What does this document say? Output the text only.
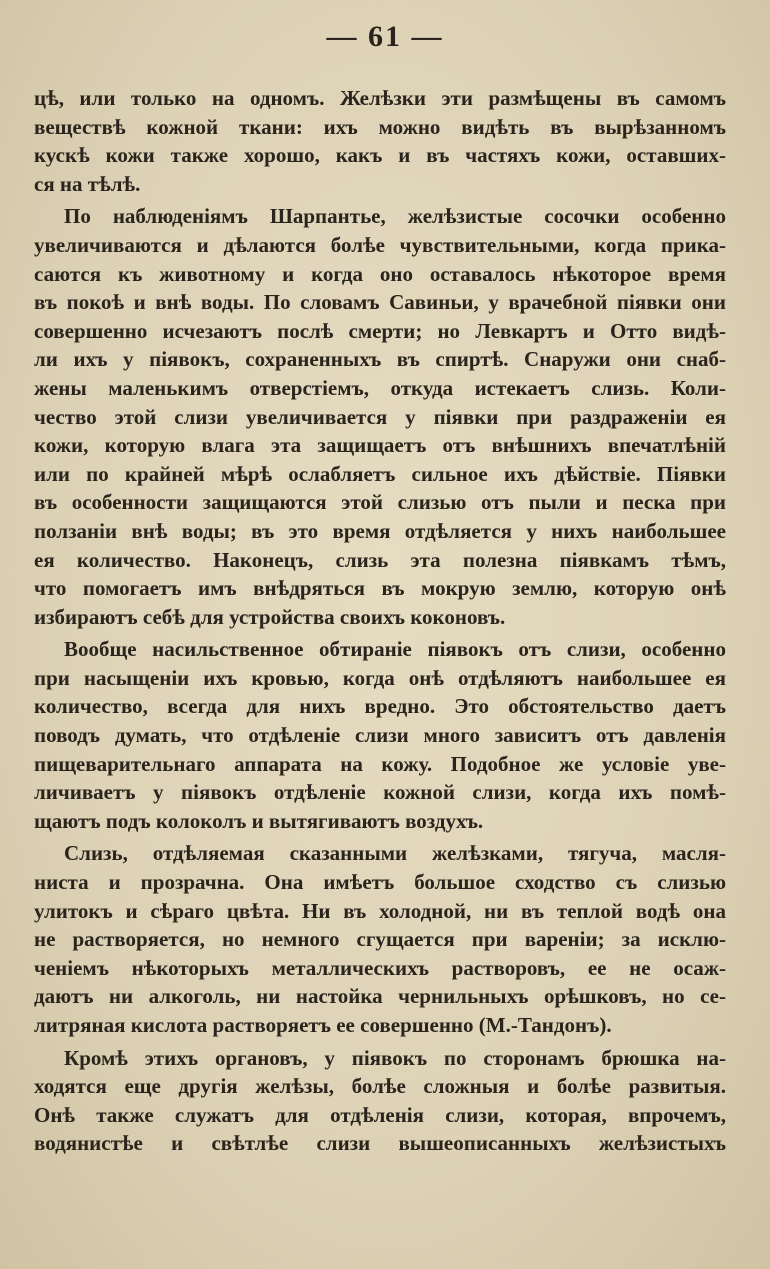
— 61 —
цѣ, или только на одномъ. Желѣзки эти размѣщены въ самомъ
веществѣ кожной ткани: ихъ можно видѣть въ вырѣзанномъ
кускѣ кожи также хорошо, какъ и въ частяхъ кожи, оставших-
ся на тѣлѣ.
По наблюденіямъ Шарпантье, желѣзистые сосочки особенно
увеличиваются и дѣлаются болѣе чувствительными, когда прика-
саются къ животному и когда оно оставалось нѣкоторое время
въ покоѣ и внѣ воды. По словамъ Савиньи, у врачебной піявки они
совершенно исчезаютъ послѣ смерти; но Левкартъ и Отто видѣ-
ли ихъ у піявокъ, сохраненныхъ въ спиртѣ. Снаружи они снаб-
жены маленькимъ отверстіемъ, откуда истекаетъ слизь. Коли-
чество этой слизи увеличивается у піявки при раздраженіи ея
кожи, которую влага эта защищаетъ отъ внѣшнихъ впечатлѣній
или по крайней мѣрѣ ослабляетъ сильное ихъ дѣйствіе. Піявки
въ особенности защищаются этой слизью отъ пыли и песка при
ползаніи внѣ воды; въ это время отдѣляется у нихъ наибольшее
ея количество. Наконецъ, слизь эта полезна піявкамъ тѣмъ,
что помогаетъ имъ внѣдряться въ мокрую землю, которую онѣ
избираютъ себѣ для устройства своихъ коконовъ.
Вообще насильственное обтираніе піявокъ отъ слизи, особенно
при насыщеніи ихъ кровью, когда онѣ отдѣляютъ наибольшее ея
количество, всегда для нихъ вредно. Это обстоятельство даетъ
поводъ думать, что отдѣленіе слизи много зависитъ отъ давленія
пищеварительнаго аппарата на кожу. Подобное же условіе уве-
личиваетъ у піявокъ отдѣленіе кожной слизи, когда ихъ помѣ-
щаютъ подъ колоколъ и вытягиваютъ воздухъ.
Слизь, отдѣляемая сказанными желѣзками, тягуча, масля-
ниста и прозрачна. Она имѣетъ большое сходство съ слизью
улитокъ и сѣраго цвѣта. Ни въ холодной, ни въ теплой водѣ она
не растворяется, но немного сгущается при вареніи; за исклю-
ченіемъ нѣкоторыхъ металлическихъ растворовъ, ее не осаж-
даютъ ни алкоголь, ни настойка чернильныхъ орѣшковъ, но се-
литряная кислота растворяетъ ее совершенно (М.-Тандонъ).
Кромѣ этихъ органовъ, у піявокъ по сторонамъ брюшка на-
ходятся еще другія желѣзы, болѣе сложныя и болѣе развитыя.
Онѣ также служатъ для отдѣленія слизи, которая, впрочемъ,
водянистѣе и свѣтлѣе слизи вышеописанныхъ желѣзистыхъ
